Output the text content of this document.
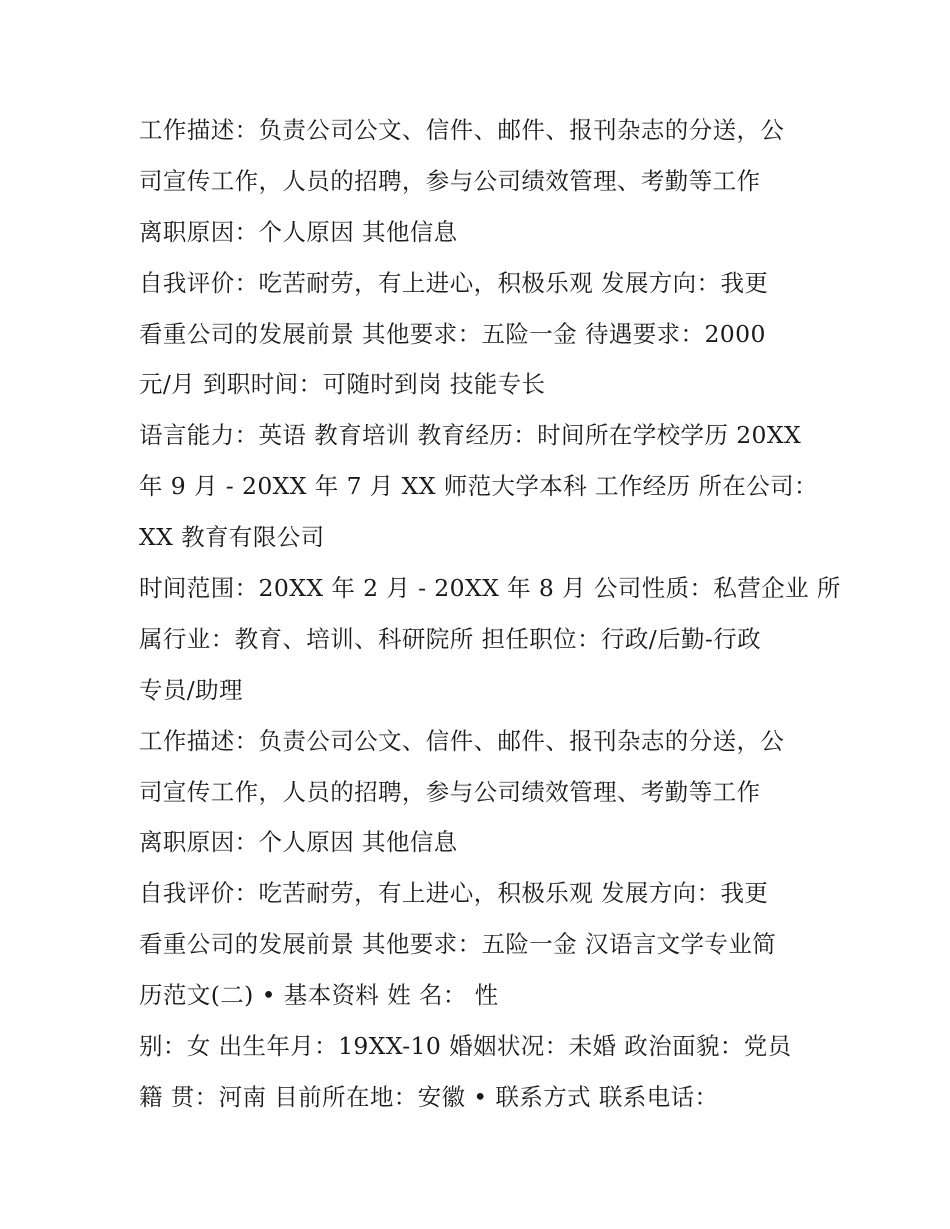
工作描述：负责公司公文、信件、邮件、报刊杂志的分送，公
司宣传工作，人员的招聘，参与公司绩效管理、考勤等工作
离职原因：个人原因 其他信息
自我评价：吃苦耐劳，有上进心，积极乐观 发展方向：我更
看重公司的发展前景 其他要求：五险一金 待遇要求：2000
元/月 到职时间：可随时到岗 技能专长
语言能力：英语 教育培训 教育经历：时间所在学校学历 20XX
年 9 月 - 20XX 年 7 月 XX 师范大学本科 工作经历 所在公司：
XX 教育有限公司
时间范围：20XX 年 2 月 - 20XX 年 8 月 公司性质：私营企业 所
属行业：教育、培训、科研院所 担任职位：行政/后勤-行政
专员/助理
工作描述：负责公司公文、信件、邮件、报刊杂志的分送，公
司宣传工作，人员的招聘，参与公司绩效管理、考勤等工作
离职原因：个人原因 其他信息
自我评价：吃苦耐劳，有上进心，积极乐观 发展方向：我更
看重公司的发展前景 其他要求：五险一金 汉语言文学专业简
历范文(二) • 基本资料 姓 名： 性
别：女 出生年月：19XX-10 婚姻状况：未婚 政治面貌：党员
籍 贯：河南 目前所在地：安徽 • 联系方式 联系电话：
